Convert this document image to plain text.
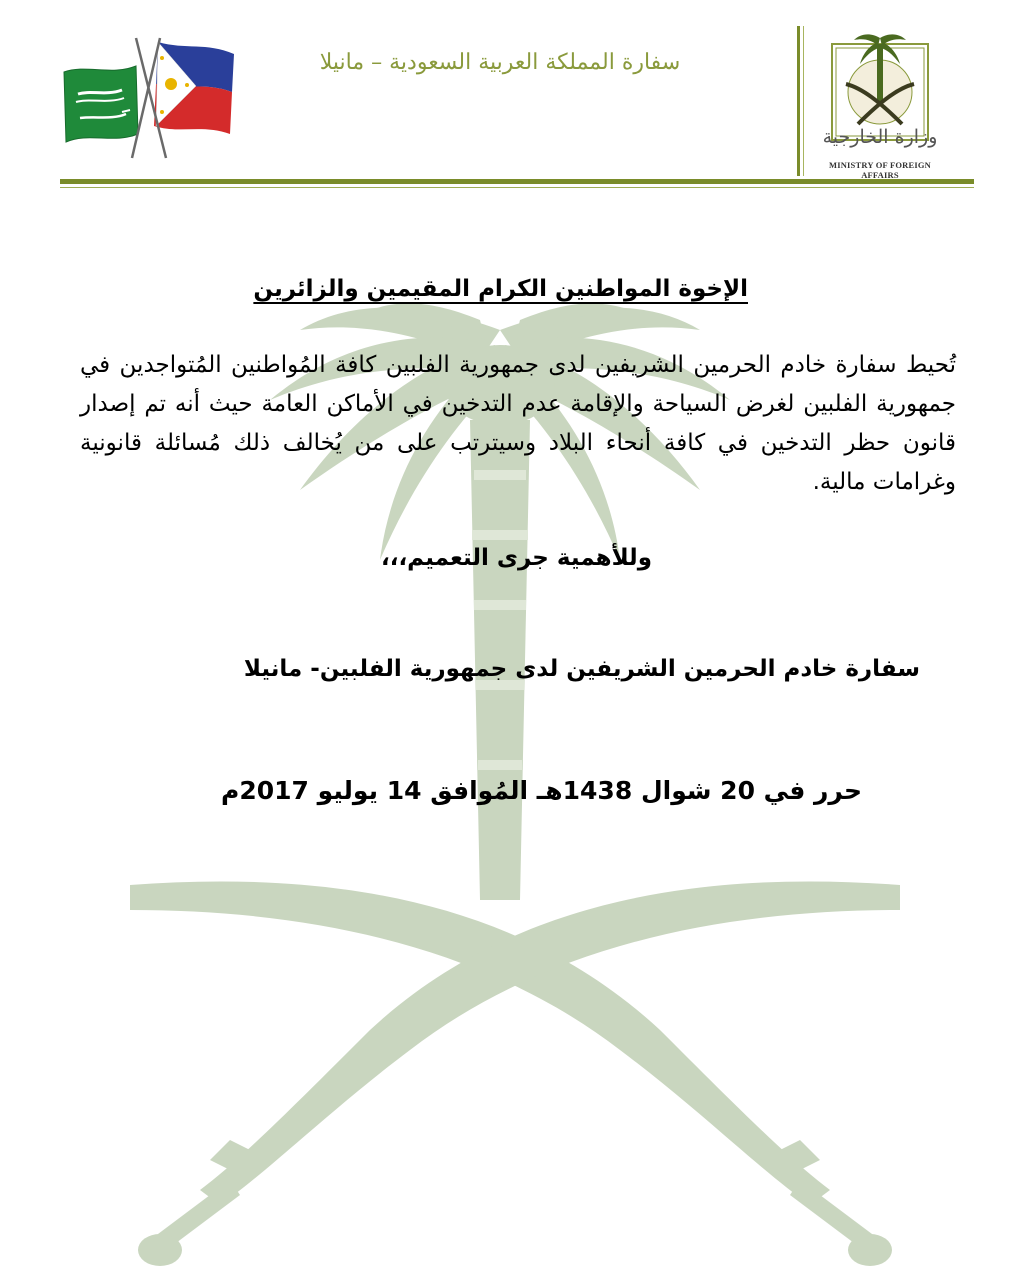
سفارة المملكة العربية السعودية – مانيلا
وزارة الخارجية
MINISTRY OF FOREIGN AFFAIRS
الإخوة المواطنين الكرام المقيمين والزائرين
تُحيط سفارة خادم الحرمين الشريفين لدى جمهورية الفلبين كافة المُواطنين المُتواجدين في جمهورية الفلبين لغرض السياحة والإقامة عدم التدخين في الأماكن العامة حيث أنه تم إصدار قانون حظر التدخين في كافة أنحاء البلاد وسيترتب على من يُخالف ذلك مُسائلة قانونية وغرامات مالية.
وللأهمية جرى التعميم،،،
سفارة خادم الحرمين الشريفين لدى جمهورية الفلبين- مانيلا
حرر في 20 شوال 1438هـ المُوافق 14 يوليو 2017م
